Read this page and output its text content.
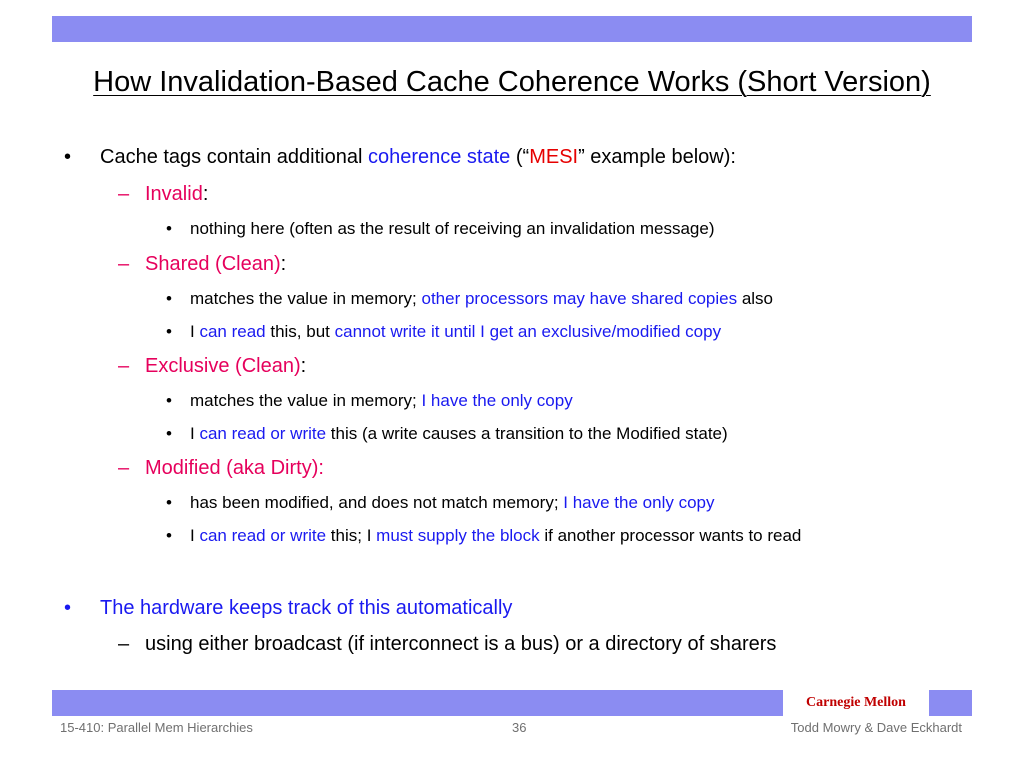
How Invalidation-Based Cache Coherence Works (Short Version)
• Cache tags contain additional coherence state (“MESI” example below):
– Invalid:
• nothing here (often as the result of receiving an invalidation message)
– Shared (Clean):
• matches the value in memory; other processors may have shared copies also
• I can read this, but cannot write it until I get an exclusive/modified copy
– Exclusive (Clean):
• matches the value in memory; I have the only copy
• I can read or write this (a write causes a transition to the Modified state)
– Modified (aka Dirty):
• has been modified, and does not match memory; I have the only copy
• I can read or write this; I must supply the block if another processor wants to read
• The hardware keeps track of this automatically
– using either broadcast (if interconnect is a bus) or a directory of sharers
Carnegie Mellon
15-410: Parallel Mem Hierarchies	36	Todd Mowry & Dave Eckhardt
